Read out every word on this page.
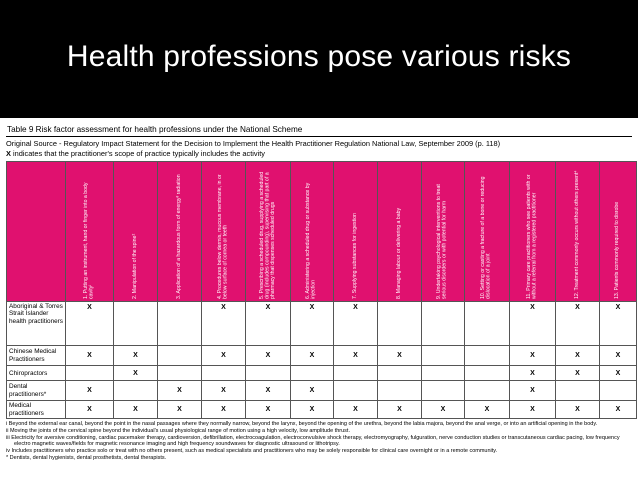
Health professions pose various risks
Table 9 Risk factor assessment for health professions under the National Scheme
Original Source - Regulatory Impact Statement for the Decision to Implement the Health Practitioner Regulation National Law, September 2009 (p. 118)
X indicates that the practitioner's scope of practice typically includes the activity

	1. Putting an instrument, hand or finger into a body cavityⁱ	2. Manipulation of the spine²	3. Application of a hazardous form of energy³ radiation	4. Procedures below dermis, mucous membrane, in or below surface of cornea or teeth	5. Prescribing a scheduled drug, supplying a scheduled drug (includes compounding), supervising that part of a pharmacy that dispenses scheduled drugs	6. Administering a scheduled drug or substance by injection	7. Supplying substances for ingestion	8. Managing labour or delivering a baby	9. Undertaking psychological interventions to treat serious disorders or with potential for harm	10. Setting or casting a fracture of a bone or reducing dislocation of a joint	11. Primary care practitioners who see patients with or without a referral from a registered practitioner	12. Treatment commonly occurs without others present⁴	13. Patients commonly required to disrobe

Aboriginal & Torres Strait Islander health practitioners	X			X	X	X	X				X	X	X
Chinese Medical Practitioners	X	X		X	X	X	X	X			X	X	X
Chiropractors		X									X	X	X
Dental practitioners*	X		X	X	X	X					X		
Medical practitioners	X	X	X	X	X	X	X	X	X	X	X	X	X
i Beyond the external ear canal, beyond the point in the nasal passages where they normally narrow, beyond the larynx, beyond the opening of the urethra, beyond the labia majora, beyond the anal verge, or into an artificial opening in the body.
ii Moving the joints of the cervical spine beyond the individual's usual physiological range of motion using a high velocity, low amplitude thrust.
iii Electricity for aversive conditioning, cardiac pacemaker therapy, cardioversion, defibrillation, electrocoagulation, electroconvulsive shock therapy, electromyography, fulguration, nerve conduction studies or transcutaneous cardiac pacing, low frequency electro magnetic waves/fields for magnetic resonance imaging and high frequency soundwaves for diagnostic ultrasound or lithotripsy.
iv Includes practitioners who practice solo or treat with no others present, such as medical specialists and practitioners who may be solely responsible for clinical care overnight or in a remote community.
* Dentists, dental hygienists, dental prosthetists, dental therapists.
